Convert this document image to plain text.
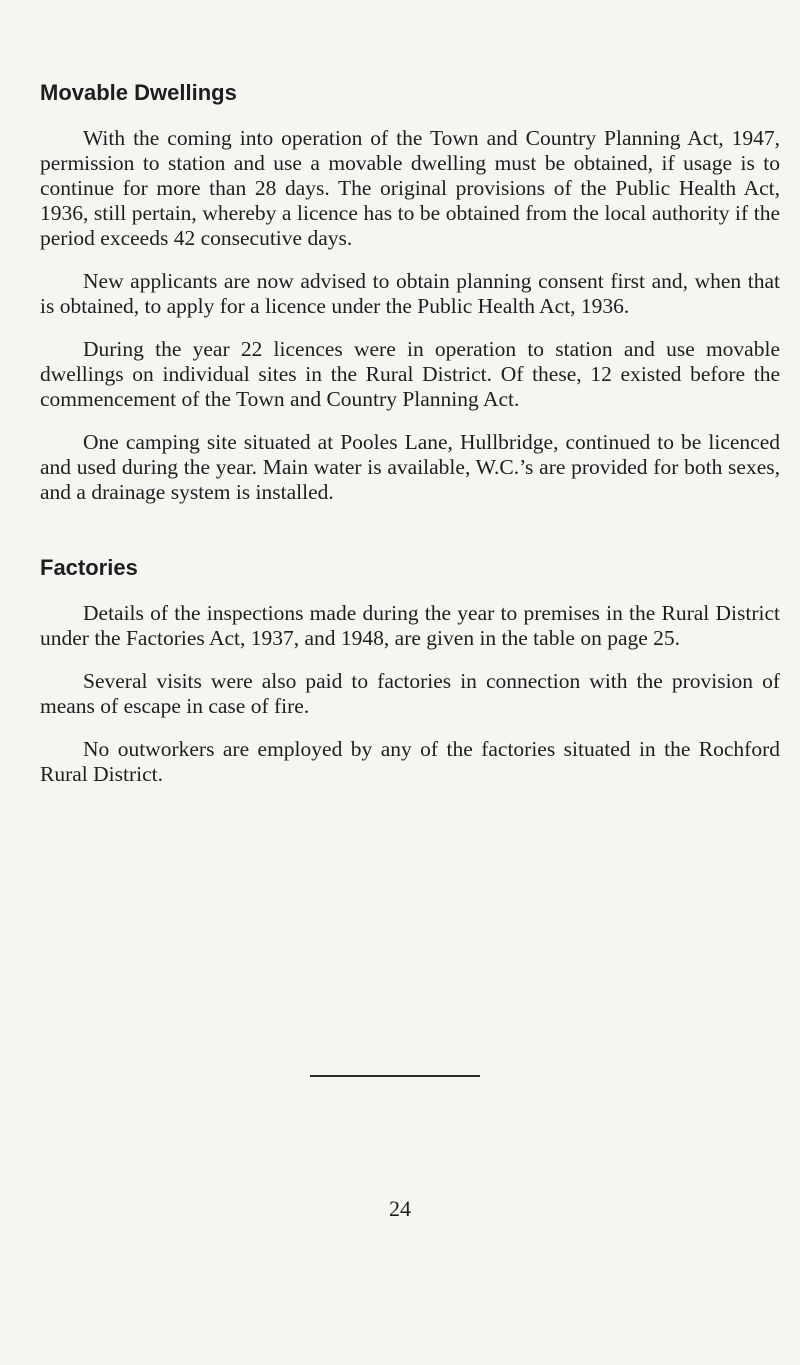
Movable Dwellings

With the coming into operation of the Town and Country Planning Act, 1947, permission to station and use a movable dwelling must be obtained, if usage is to continue for more than 28 days. The original provisions of the Public Health Act, 1936, still pertain, whereby a licence has to be obtained from the local authority if the period exceeds 42 consecutive days.

New applicants are now advised to obtain planning consent first and, when that is obtained, to apply for a licence under the Public Health Act, 1936.

During the year 22 licences were in operation to station and use movable dwellings on individual sites in the Rural District. Of these, 12 existed before the commencement of the Town and Country Planning Act.

One camping site situated at Pooles Lane, Hullbridge, continued to be licenced and used during the year. Main water is available, W.C.’s are provided for both sexes, and a drainage system is installed.

Factories

Details of the inspections made during the year to premises in the Rural District under the Factories Act, 1937, and 1948, are given in the table on page 25.

Several visits were also paid to factories in connection with the provision of means of escape in case of fire.

No outworkers are employed by any of the factories situated in the Rochford Rural District.

24
